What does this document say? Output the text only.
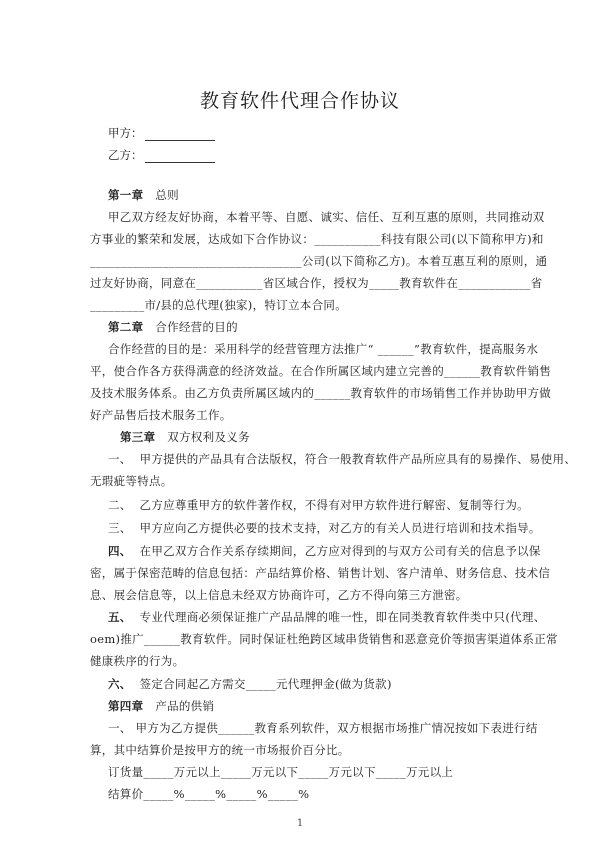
教育软件代理合作协议
甲方：
乙方：
第一章 总则
甲乙双方经友好协商，本着平等、自愿、诚实、信任、互利互惠的原则，共同推动双
方事业的繁荣和发展，达成如下合作协议：___________科技有限公司(以下简称甲方)和
___________________________________公司(以下简称乙方)。本着互惠互利的原则，通
过友好协商，同意在___________省区域合作，授权为_____教育软件在____________省
_________市/县的总代理(独家)，特订立本合同。
第二章 合作经营的目的
合作经营的目的是：采用科学的经营管理方法推广“ ______”教育软件，提高服务水
平，使合作各方获得满意的经济效益。在合作所属区域内建立完善的______教育软件销售
及技术服务体系。由乙方负责所属区域内的______教育软件的市场销售工作并协助甲方做
好产品售后技术服务工作。
第三章 双方权利及义务
一、 甲方提供的产品具有合法版权，符合一般教育软件产品所应具有的易操作、易使用、
无瑕疵等特点。
二、 乙方应尊重甲方的软件著作权，不得有对甲方软件进行解密、复制等行为。
三、 甲方应向乙方提供必要的技术支持，对乙方的有关人员进行培训和技术指导。
四、 在甲乙双方合作关系存续期间，乙方应对得到的与双方公司有关的信息予以保
密，属于保密范畴的信息包括：产品结算价格、销售计划、客户清单、财务信息、技术信
息、展会信息等，以上信息未经双方协商许可，乙方不得向第三方泄密。
五、 专业代理商必须保证推广产品品牌的唯一性，即在同类教育软件类中只(代理、
oem)推广______教育软件。同时保证杜绝跨区域串货销售和恶意竞价等损害渠道体系正常
健康秩序的行为。
六、 签定合同起乙方需交_____元代理押金(做为货款)
第四章 产品的供销
一、 甲方为乙方提供______教育系列软件，双方根据市场推广情况按如下表进行结
算，其中结算价是按甲方的统一市场报价百分比。
订货量_____万元以上_____万元以下_____万元以下_____万元以上
结算价_____%_____%_____%_____%
1
